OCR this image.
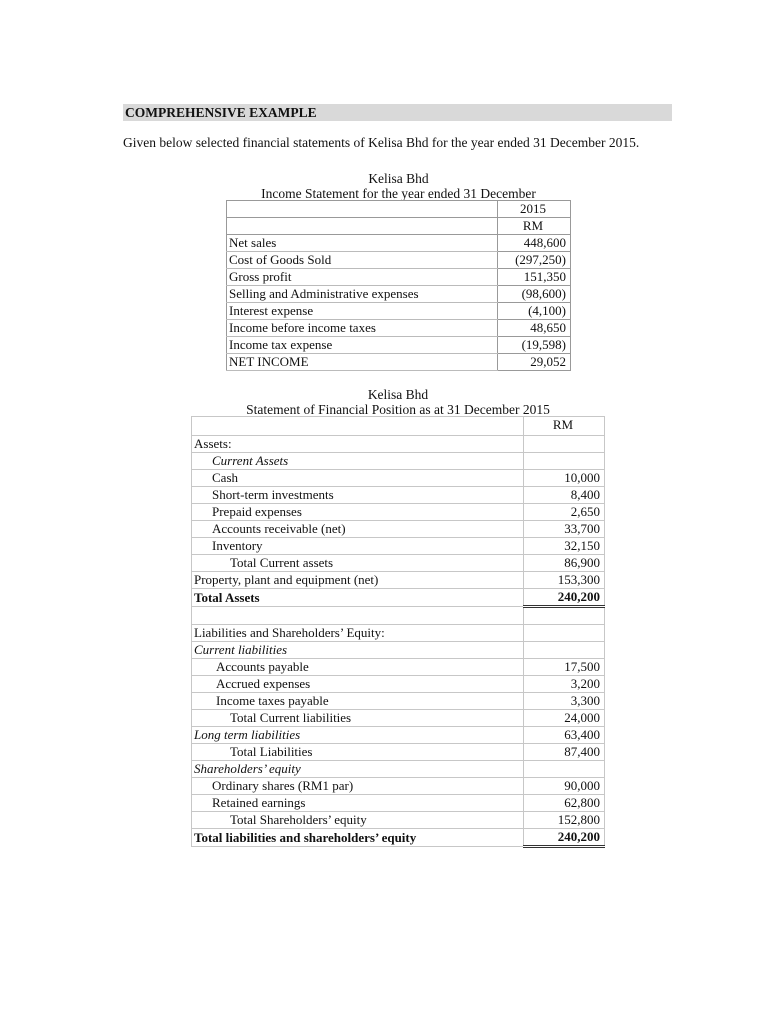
COMPREHENSIVE EXAMPLE
Given below selected financial statements of Kelisa Bhd for the year ended 31 December 2015.
Kelisa Bhd
Income Statement for the year ended 31 December
	2015
	RM
Net sales	448,600
Cost of Goods Sold	(297,250)
Gross profit	151,350
Selling and Administrative expenses	(98,600)
Interest expense	(4,100)
Income before income taxes	48,650
Income tax expense	(19,598)
NET INCOME	29,052
Kelisa Bhd
Statement of Financial Position as at 31 December 2015
	RM
Assets:	
Current Assets	
Cash	10,000
Short-term investments	8,400
Prepaid expenses	2,650
Accounts receivable (net)	33,700
Inventory	32,150
Total Current assets	86,900
Property, plant and equipment (net)	153,300
Total Assets	240,200

Liabilities and Shareholders’ Equity:	
Current liabilities	
Accounts payable	17,500
Accrued expenses	3,200
Income taxes payable	3,300
Total Current liabilities	24,000
Long term liabilities	63,400
Total Liabilities	87,400
Shareholders’ equity	
Ordinary shares (RM1 par)	90,000
Retained earnings	62,800
Total Shareholders’ equity	152,800
Total liabilities and shareholders’ equity	240,200
